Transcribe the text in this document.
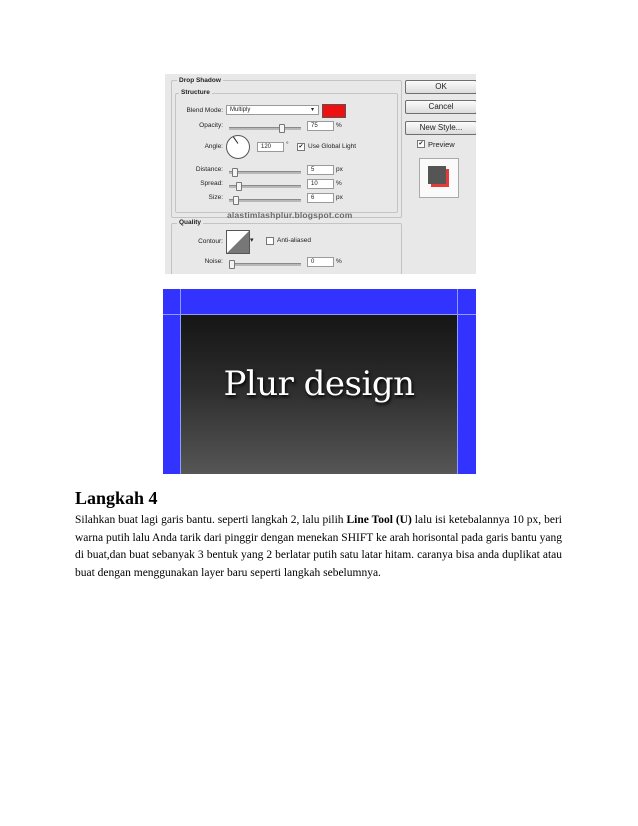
Drop Shadow
Structure
Blend Mode:	Multiply	▾
Opacity:	75	%
Angle:	120	° ✔ Use Global Light
Distance:	5	px
Spread:	10	%
Size:	6	px
alastimlashplur.blogspot.com
Quality
Contour:	▾	Anti-aliased
Noise:	0	%
OK
Cancel
New Style...
✔ Preview
Plur design
Langkah 4

Silahkan buat lagi garis bantu. seperti langkah 2, lalu pilih Line Tool (U) lalu isi ketebalannya 10 px, beri warna putih lalu Anda tarik dari pinggir dengan menekan SHIFT ke arah horisontal pada garis bantu yang di buat,dan buat sebanyak 3 bentuk yang 2 berlatar putih satu latar hitam. caranya bisa anda duplikat atau buat dengan menggunakan layer baru seperti langkah sebelumnya.
